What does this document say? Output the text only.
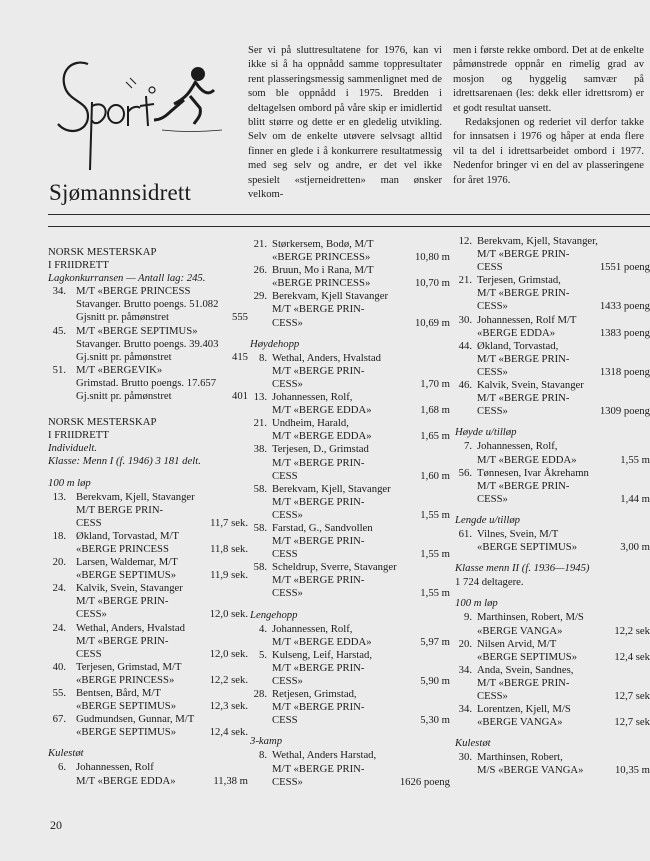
Sjømannsidrett

Ser vi på sluttresultatene for 1976, kan vi ikke si å ha oppnådd samme toppresultater rent plasseringsmessig sammenlignet med de som ble oppnådd i 1975. Bredden i deltagelsen ombord på våre skip er imidlertid blitt større og dette er en gledelig utvikling. Selv om de enkelte utøvere selvsagt alltid finner en glede i å konkurrere resultatmessig med seg selv og andre, er det vel ikke spesielt «stjerneidretten» man ønsker velkom-

men i første rekke ombord. Det at de enkelte påmønstrede oppnår en rimelig grad av mosjon og hyggelig samvær på idrettsarenaen (les: dekk eller idrettsrom) er et godt resultat uansett.

Redaksjonen og rederiet vil derfor takke for innsatsen i 1976 og håper at enda flere vil ta del i idrettsarbeidet ombord i 1977. Nedenfor bringer vi en del av plasseringene for året 1976.

NORSK MESTERSKAP

I FRIIDRETT

Lagkonkurransen — Antall lag: 245.

34. M/T «BERGE PRINCESS
Stavanger. Brutto poengs. 51.082
Gjsnitt pr. påmønstret	555
45. M/T «BERGE SEPTIMUS»
Stavanger. Brutto poengs. 39.403
Gj.snitt pr. påmønstret	415
51. M/T «BERGEVIK»
Grimstad. Brutto poengs. 17.657
Gj.snitt pr. påmønstret	401

NORSK MESTERSKAP

I FRIIDRETT

Individuelt.

Klasse: Menn I (f. 1946) 3 181 delt.

100 m løp

13. Berekvam, Kjell, Stavanger
M/T BERGE PRIN-
CESS	11,7 sek.
18. Økland, Torvastad, M/T
«BERGE PRINCESS	11,8 sek.
20. Larsen, Waldemar, M/T
«BERGE SEPTIMUS»	11,9 sek.
24. Kalvik, Svein, Stavanger
M/T «BERGE PRIN-
CESS»	12,0 sek.
24. Wethal, Anders, Hvalstad
M/T «BERGE PRIN-
CESS	12,0 sek.
40. Terjesen, Grimstad, M/T
«BERGE PRINCESS»	12,2 sek.
55. Bentsen, Bård, M/T
«BERGE SEPTIMUS»	12,3 sek.
67. Gudmundsen, Gunnar, M/T
«BERGE SEPTIMUS»	12,4 sek.

Kulestøt

6. Johannessen, Rolf
M/T «BERGE EDDA»	11,38 m
21. Størkersem, Bodø, M/T
«BERGE PRINCESS»	10,80 m
26. Bruun, Mo i Rana, M/T
«BERGE PRINCESS»	10,70 m
29. Berekvam, Kjell Stavanger
M/T «BERGE PRIN-
CESS»	10,69 m

Høydehopp

8. Wethal, Anders, Hvalstad
M/T «BERGE PRIN-
CESS»	1,70 m
13. Johannessen, Rolf,
M/T «BERGE EDDA»	1,68 m
21. Undheim, Harald,
M/T «BERGE EDDA»	1,65 m
38. Terjesen, D., Grimstad
M/T «BERGE PRIN-
CESS	1,60 m
58. Berekvam, Kjell, Stavanger
M/T «BERGE PRIN-
CESS»	1,55 m
58. Farstad, G., Sandvollen
M/T «BERGE PRIN-
CESS	1,55 m
58. Scheldrup, Sverre, Stavanger
M/T «BERGE PRIN-
CESS»	1,55 m

Lengehopp

4. Johannessen, Rolf,
M/T «BERGE EDDA»	5,97 m
5. Kulseng, Leif, Harstad,
M/T «BERGE PRIN-
CESS»	5,90 m
28. Retjesen, Grimstad,
M/T «BERGE PRIN-
CESS	5,30 m

3-kamp

8. Wethal, Anders Harstad,
M/T «BERGE PRIN-
CESS»	1626 poeng
12. Berekvam, Kjell, Stavanger,
M/T «BERGE PRIN-
CESS	1551 poeng
21. Terjesen, Grimstad,
M/T «BERGE PRIN-
CESS»	1433 poeng
30. Johannessen, Rolf M/T
«BERGE EDDA»	1383 poeng
44. Økland, Torvastad,
M/T «BERGE PRIN-
CESS»	1318 poeng
46. Kalvik, Svein, Stavanger
M/T «BERGE PRIN-
CESS»	1309 poeng

Høyde u/tilløp

7. Johannessen, Rolf,
M/T «BERGE EDDA»	1,55 m
56. Tønnesen, Ivar Åkrehamn
M/T «BERGE PRIN-
CESS»	1,44 m

Lengde u/tilløp

61. Vilnes, Svein, M/T
«BERGE SEPTIMUS»	3,00 m

Klasse menn II (f. 1936—1945)

1 724 deltagere.

100 m løp

9. Marthinsen, Robert, M/S
«BERGE VANGA»	12,2 sek
20. Nilsen Arvid, M/T
«BERGE SEPTIMUS»	12,4 sek
34. Anda, Svein, Sandnes,
M/T «BERGE PRIN-
CESS»	12,7 sek
34. Lorentzen, Kjell, M/S
«BERGE VANGA»	12,7 sek

Kulestøt

30. Marthinsen, Robert,
M/S «BERGE VANGA»	10,35 m
20
